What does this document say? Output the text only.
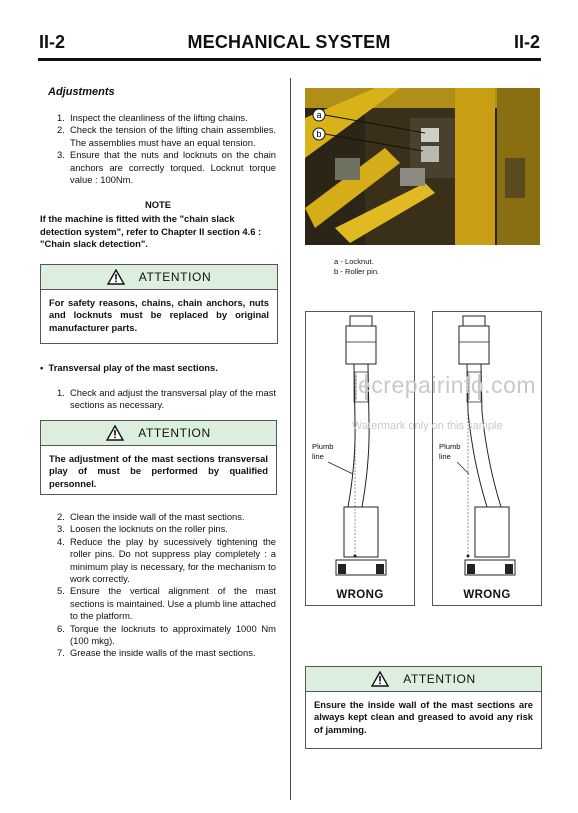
II-2	MECHANICAL SYSTEM	II-2
Adjustments
1. Inspect the cleanliness of the lifting chains.
2. Check the tension of the lifting chain assemblies. The assemblies must have an equal tension.
3. Ensure that the nuts and locknuts on the chain anchors are correctly torqued. Locknut torque value : 100Nm.
NOTE
If the machine is fitted with the "chain slack detection system", refer to Chapter II section 4.6 : "Chain slack detection".
ATTENTION
For safety reasons, chains, chain anchors, nuts and locknuts must be replaced by original manufacturer parts.
• Transversal play of the mast sections.
1. Check and adjust the transversal play of the mast sections as necessary.
ATTENTION
The adjustment of the mast sections transversal play of must be performed by qualified personnel.
2. Clean the inside wall of the mast sections.
3. Loosen the locknuts on the roller pins.
4. Reduce the play by sucessively tightening the roller pins. Do not suppress play completely : a minimum play is necessary, for the mechanism to work correctly.
5. Ensure the vertical alignment of the mast sections is maintained. Use a plumb line attached to the platform.
6. Torque the locknuts to approximately 1000 Nm (100 mkg).
7. Grease the inside walls of the mast sections.
a
b
a - Locknut.
b - Roller pin.
Plumb
line
WRONG
Plumb
line
WRONG
ecrepairinfo.com
Watermark only on this sample
ATTENTION
Ensure the inside wall of the mast sections are always kept clean and greased to avoid any risk of jamming.
